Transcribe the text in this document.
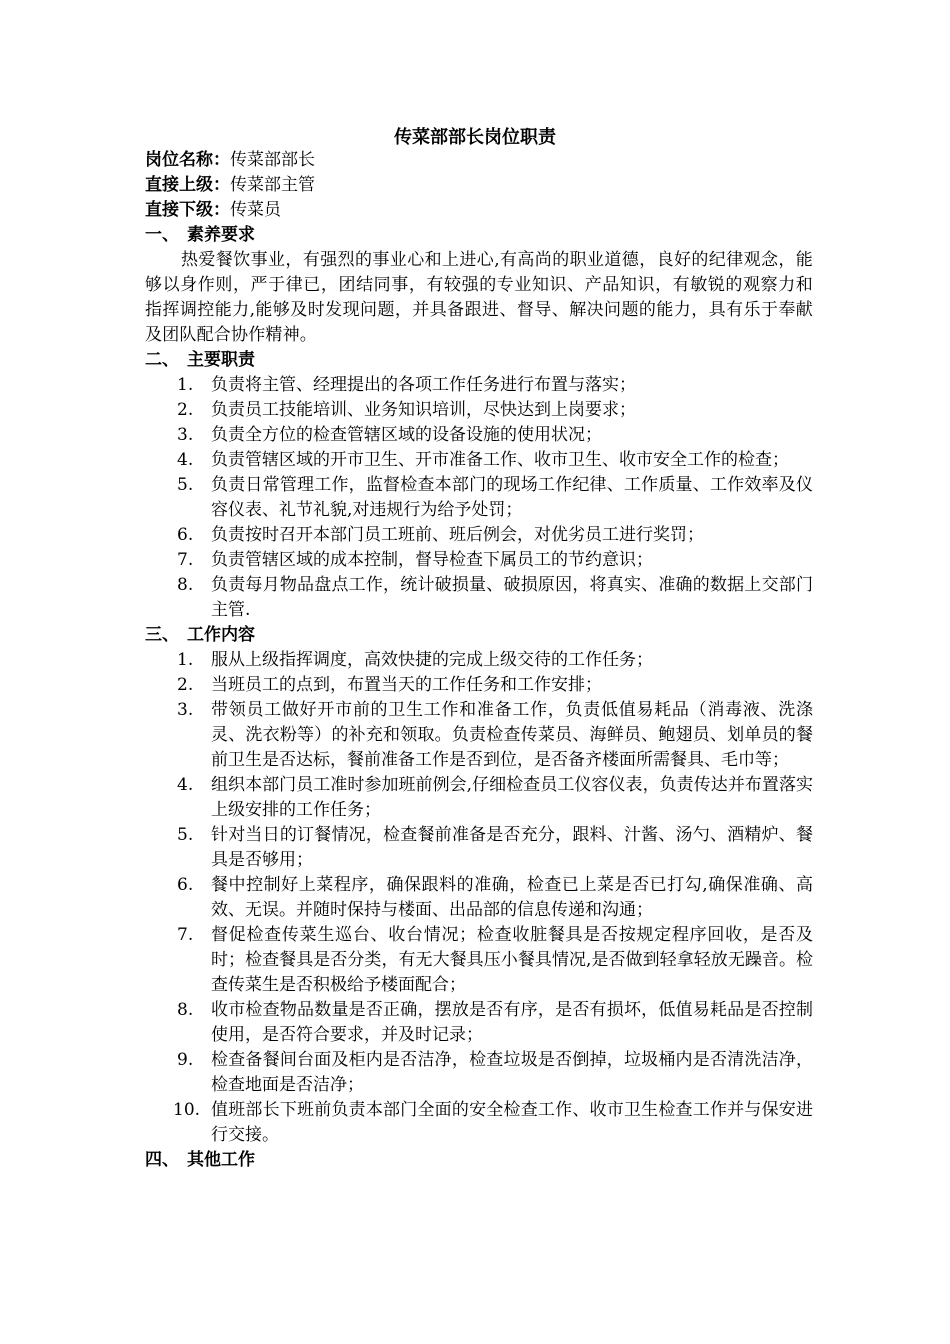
传菜部部长岗位职责
岗位名称：传菜部部长
直接上级：传菜部主管
直接下级：传菜员
一、 素养要求
热爱餐饮事业，有强烈的事业心和上进心,有高尚的职业道德，良好的纪律观念，能够以身作则，严于律已，团结同事，有较强的专业知识、产品知识，有敏锐的观察力和指挥调控能力,能够及时发现问题，并具备跟进、督导、解决问题的能力，具有乐于奉献及团队配合协作精神。
二、 主要职责
1.	负责将主管、经理提出的各项工作任务进行布置与落实；
2.	负责员工技能培训、业务知识培训，尽快达到上岗要求；
3.	负责全方位的检查管辖区域的设备设施的使用状况；
4.	负责管辖区域的开市卫生、开市准备工作、收市卫生、收市安全工作的检查；
5.	负责日常管理工作，监督检查本部门的现场工作纪律、工作质量、工作效率及仪容仪表、礼节礼貌,对违规行为给予处罚；
6.	负责按时召开本部门员工班前、班后例会，对优劣员工进行奖罚；
7.	负责管辖区域的成本控制，督导检查下属员工的节约意识；
8.	负责每月物品盘点工作，统计破损量、破损原因，将真实、准确的数据上交部门主管.
三、 工作内容
1.	服从上级指挥调度，高效快捷的完成上级交待的工作任务；
2.	当班员工的点到，布置当天的工作任务和工作安排；
3.	带领员工做好开市前的卫生工作和准备工作，负责低值易耗品（消毒液、洗涤灵、洗衣粉等）的补充和领取。负责检查传菜员、海鲜员、鲍翅员、划单员的餐前卫生是否达标，餐前准备工作是否到位，是否备齐楼面所需餐具、毛巾等；
4.	组织本部门员工准时参加班前例会,仔细检查员工仪容仪表，负责传达并布置落实上级安排的工作任务；
5.	针对当日的订餐情况，检查餐前准备是否充分，跟料、汁酱、汤勺、酒精炉、餐具是否够用；
6.	餐中控制好上菜程序，确保跟料的准确，检查已上菜是否已打勾,确保准确、高效、无误。并随时保持与楼面、出品部的信息传递和沟通；
7.	督促检查传菜生巡台、收台情况；检查收脏餐具是否按规定程序回收，是否及时；检查餐具是否分类，有无大餐具压小餐具情况,是否做到轻拿轻放无躁音。检查传菜生是否积极给予楼面配合；
8.	收市检查物品数量是否正确，摆放是否有序，是否有损坏，低值易耗品是否控制使用，是否符合要求，并及时记录；
9.	检查备餐间台面及柜内是否洁净，检查垃圾是否倒掉，垃圾桶内是否清洗洁净，检查地面是否洁净；
10. 值班部长下班前负责本部门全面的安全检查工作、收市卫生检查工作并与保安进行交接。
四、 其他工作
